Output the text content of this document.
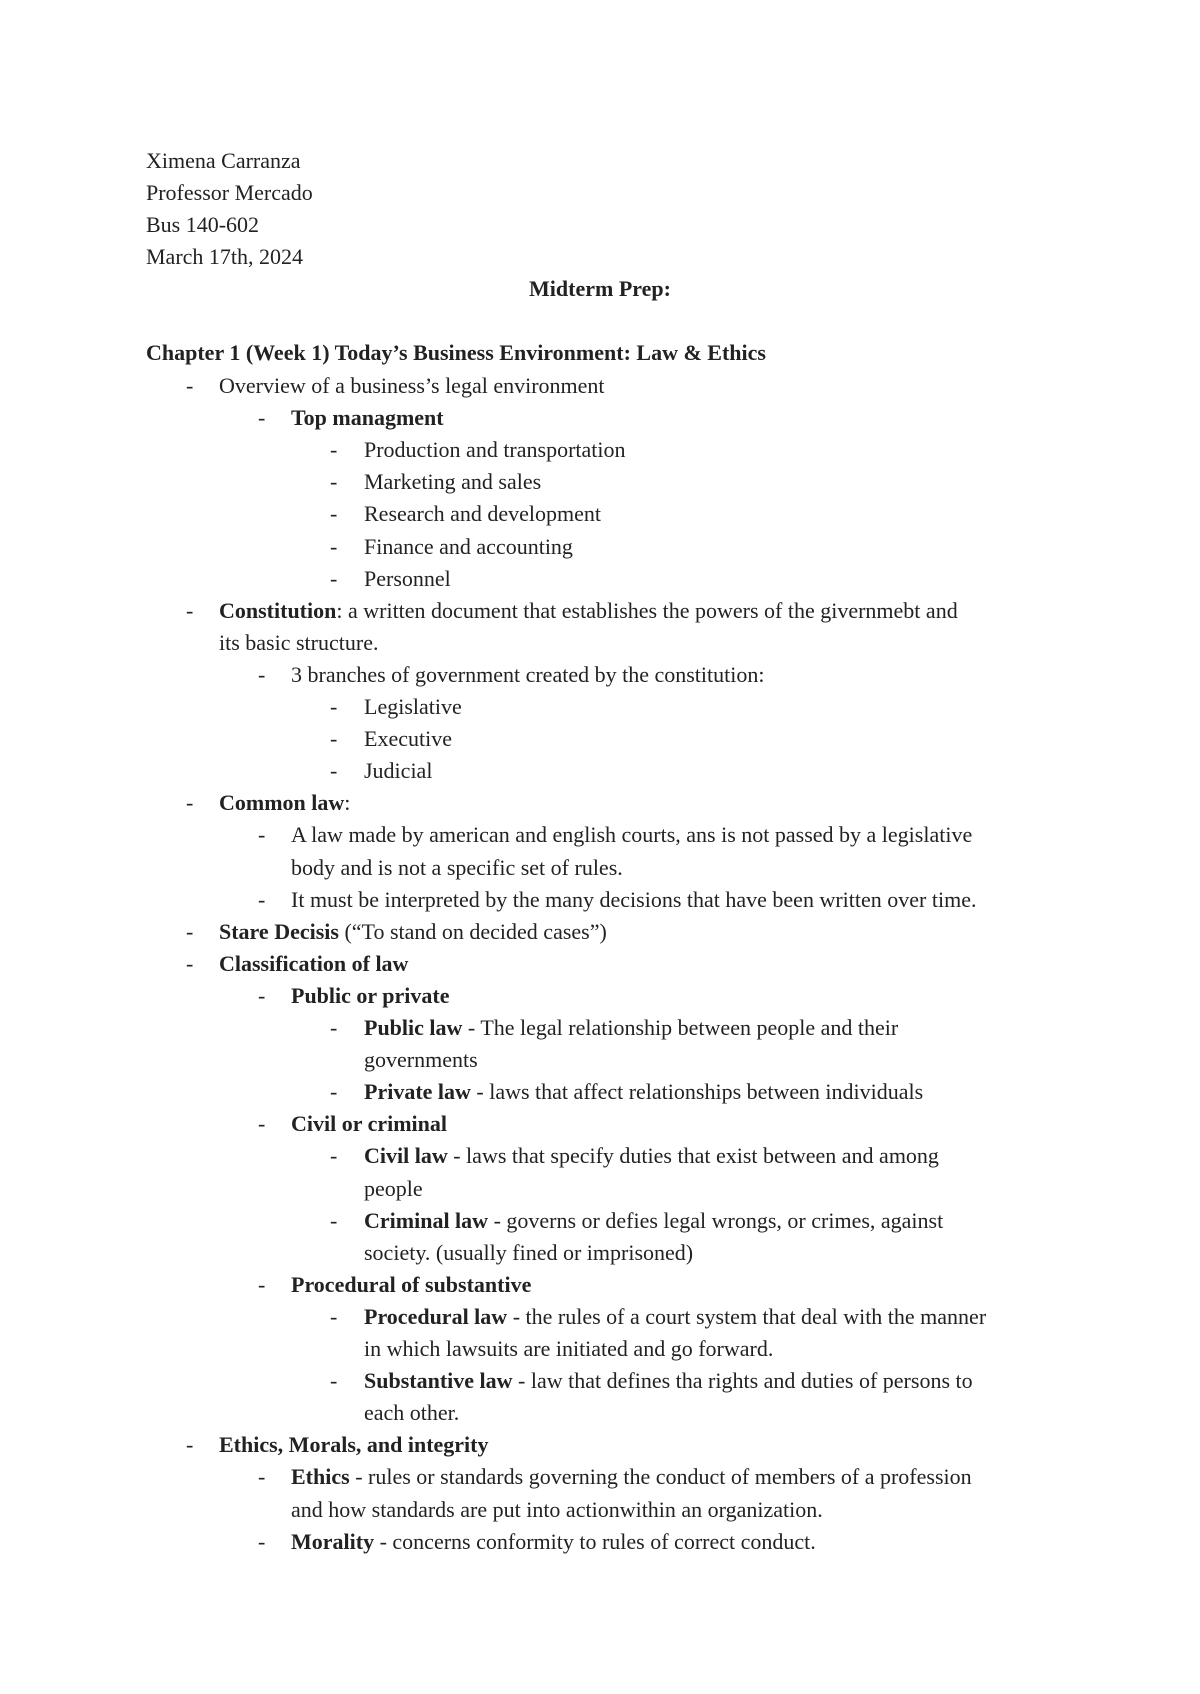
Ximena Carranza
Professor Mercado
Bus 140-602
March 17th, 2024
Midterm Prep:
Chapter 1 (Week 1) Today’s Business Environment: Law & Ethics
- Overview of a business’s legal environment
- Top managment
- Production and transportation
- Marketing and sales
- Research and development
- Finance and accounting
- Personnel
- Constitution: a written document that establishes the powers of the givernmebt and
its basic structure.
- 3 branches of government created by the constitution:
- Legislative
- Executive
- Judicial
- Common law:
- A law made by american and english courts, ans is not passed by a legislative
body and is not a specific set of rules.
- It must be interpreted by the many decisions that have been written over time.
- Stare Decisis (“To stand on decided cases”)
- Classification of law
- Public or private
- Public law - The legal relationship between people and their
governments
- Private law - laws that affect relationships between individuals
- Civil or criminal
- Civil law - laws that specify duties that exist between and among
people
- Criminal law - governs or defies legal wrongs, or crimes, against
society. (usually fined or imprisoned)
- Procedural of substantive
- Procedural law - the rules of a court system that deal with the manner
in which lawsuits are initiated and go forward.
- Substantive law - law that defines tha rights and duties of persons to
each other.
- Ethics, Morals, and integrity
- Ethics - rules or standards governing the conduct of members of a profession
and how standards are put into actionwithin an organization.
- Morality - concerns conformity to rules of correct conduct.
